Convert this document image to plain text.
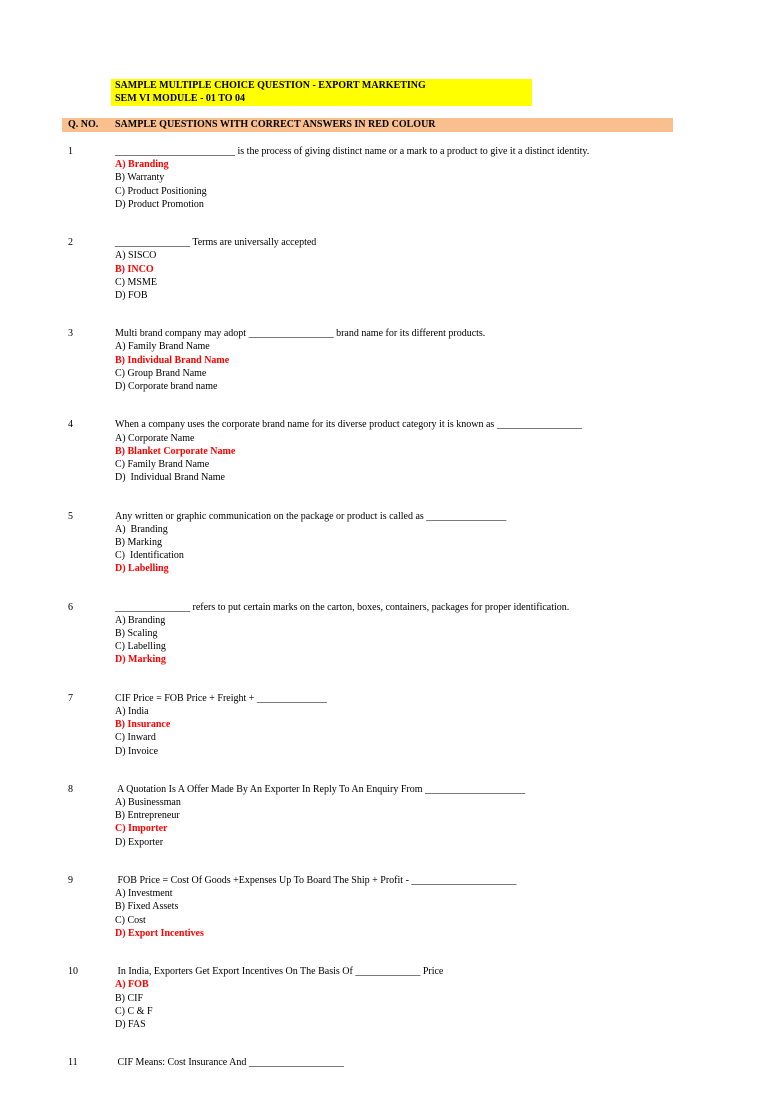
SAMPLE MULTIPLE CHOICE QUESTION - EXPORT MARKETING
SEM VI MODULE - 01 TO 04
Q. NO. SAMPLE QUESTIONS WITH CORRECT ANSWERS IN RED COLOUR
1	________________________ is the process of giving distinct name or a mark to a product to give it a distinct identity.
A) Branding
B) Warranty
C) Product Positioning
D) Product Promotion
2	_______________ Terms are universally accepted
A) SISCO
B) INCO
C) MSME
D) FOB
3	Multi brand company may adopt _________________ brand name for its different products.
A) Family Brand Name
B) Individual Brand Name
C) Group Brand Name
D) Corporate brand name
4	When a company uses the corporate brand name for its diverse product category it is known as _________________
A) Corporate Name
B) Blanket Corporate Name
C) Family Brand Name
D)  Individual Brand Name
5	Any written or graphic communication on the package or product is called as ________________
A)  Branding
B) Marking
C)  Identification
D) Labelling
6	_______________ refers to put certain marks on the carton, boxes, containers, packages for proper identification.
A) Branding
B) Scaling
C) Labelling
D) Marking
7	CIF Price = FOB Price + Freight + ______________
A) India
B) Insurance
C) Inward
D) Invoice
8	A Quotation Is A Offer Made By An Exporter In Reply To An Enquiry From ____________________
A) Businessman
B) Entrepreneur
C) Importer
D) Exporter
9	FOB Price = Cost Of Goods +Expenses Up To Board The Ship + Profit - _____________________
A) Investment
B) Fixed Assets
C) Cost
D) Export Incentives
10	In India, Exporters Get Export Incentives On The Basis Of _____________ Price
A) FOB
B) CIF
C) C & F
D) FAS
11	CIF Means: Cost Insurance And ___________________
